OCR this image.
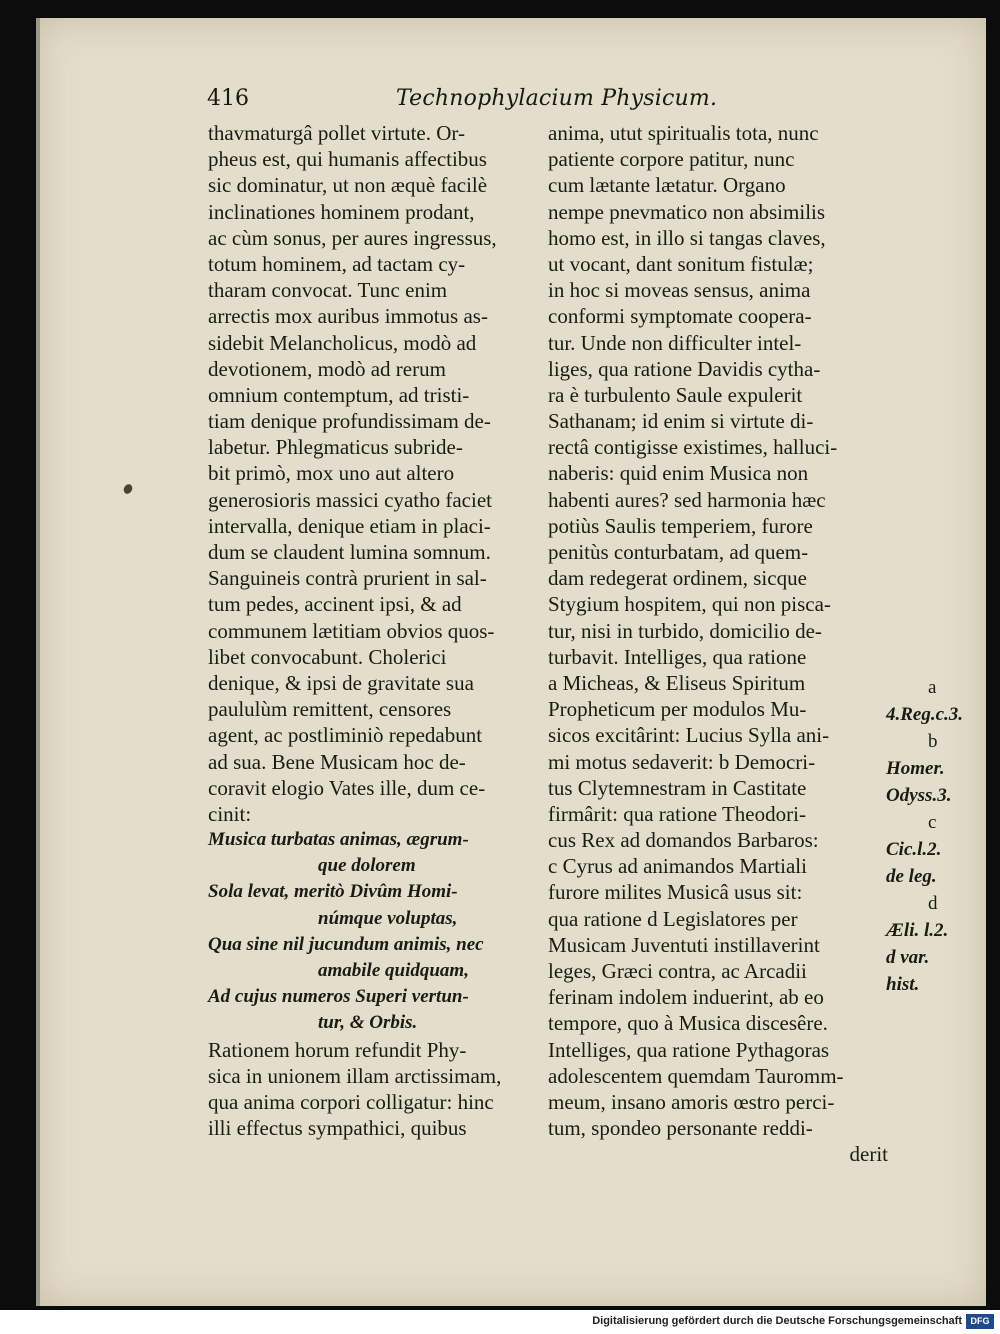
416	Technophylacium Physicum.
thavmaturgâ pollet virtute. Or-
pheus est, qui humanis affectibus
sic dominatur, ut non æquè facilè
inclinationes hominem prodant,
ac cùm sonus, per aures ingressus,
totum hominem, ad tactam cy-
tharam convocat. Tunc enim
arrectis mox auribus immotus as-
sidebit Melancholicus, modò ad
devotionem, modò ad rerum
omnium contemptum, ad tristi-
tiam denique profundissimam de-
labetur. Phlegmaticus subride-
bit primò, mox uno aut altero
generosioris massici cyatho faciet
intervalla, denique etiam in placi-
dum se claudent lumina somnum.
Sanguineis contrà prurient in sal-
tum pedes, accinent ipsi, & ad
communem lætitiam obvios quos-
libet convocabunt. Cholerici
denique, & ipsi de gravitate sua
paululùm remittent, censores
agent, ac postliminiò repedabunt
ad sua. Bene Musicam hoc de-
coravit elogio Vates ille, dum ce-
cinit:
Musica turbatas animas, ægrum-
que dolorem
Sola levat, meritò Divûm Homi-
númque voluptas,
Qua sine nil jucundum animis, nec
amabile quidquam,
Ad cujus numeros Superi vertun-
tur, & Orbis.
Rationem horum refundit Phy-
sica in unionem illam arctissimam,
qua anima corpori colligatur: hinc
illi effectus sympathici, quibus
anima, utut spiritualis tota, nunc
patiente corpore patitur, nunc
cum lætante lætatur. Organo
nempe pnevmatico non absimilis
homo est, in illo si tangas claves,
ut vocant, dant sonitum fistulæ;
in hoc si moveas sensus, anima
conformi symptomate coopera-
tur. Unde non difficulter intel-
liges, qua ratione Davidis cytha-
ra è turbulento Saule expulerit
Sathanam; id enim si virtute di-
rectâ contigisse existimes, halluci-
naberis: quid enim Musica non
habenti aures? sed harmonia hæc
potiùs Saulis temperiem, furore
penitùs conturbatam, ad quem-
dam redegerat ordinem, sicque
Stygium hospitem, qui non pisca-
tur, nisi in turbido, domicilio de-
turbavit. Intelliges, qua ratione
a Micheas, & Eliseus Spiritum
Propheticum per modulos Mu-
sicos excitârint: Lucius Sylla ani-
mi motus sedaverit: b Democri-
tus Clytemnestram in Castitate
firmârit: qua ratione Theodori-
cus Rex ad domandos Barbaros:
c Cyrus ad animandos Martiali
furore milites Musicâ usus sit:
qua ratione d Legislatores per
Musicam Juventuti instillaverint
leges, Græci contra, ac Arcadii
ferinam indolem induerint, ab eo
tempore, quo à Musica discesêre.
Intelliges, qua ratione Pythagoras
adolescentem quemdam Tauromm-
meum, insano amoris œstro perci-
tum, spondeo personante reddi-
derit
a
4.Reg.c.3.
b
Homer.
Odyss.3.
c
Cic.l.2.
de leg.
d
Æli. l.2.
d var.
hist.
Digitalisierung gefördert durch die Deutsche Forschungsgemeinschaft DFG
